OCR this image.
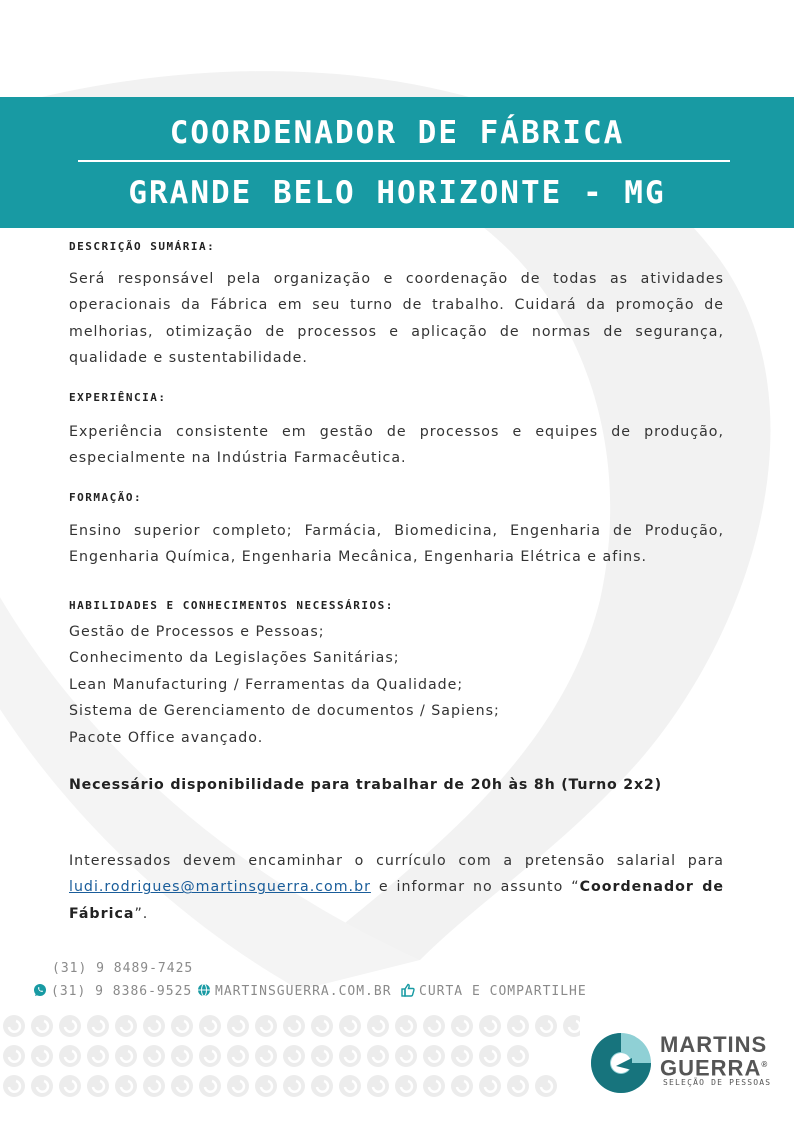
COORDENADOR DE FÁBRICA
GRANDE BELO HORIZONTE - MG
DESCRIÇÃO SUMÁRIA:
Será responsável pela organização e coordenação de todas as atividades operacionais da Fábrica em seu turno de trabalho. Cuidará da promoção de melhorias, otimização de processos e aplicação de normas de segurança, qualidade e sustentabilidade.
EXPERIÊNCIA:
Experiência consistente em gestão de processos e equipes de produção, especialmente na Indústria Farmacêutica.
FORMAÇÃO:
Ensino superior completo; Farmácia, Biomedicina, Engenharia de Produção, Engenharia Química, Engenharia Mecânica, Engenharia Elétrica e afins.
HABILIDADES E CONHECIMENTOS NECESSÁRIOS:
Gestão de Processos e Pessoas;
Conhecimento da Legislações Sanitárias;
Lean Manufacturing / Ferramentas da Qualidade;
Sistema de Gerenciamento de documentos / Sapiens;
Pacote Office avançado.
Necessário disponibilidade para trabalhar de 20h às 8h (Turno 2x2)
Interessados devem encaminhar o currículo com a pretensão salarial para ludi.rodrigues@martinsguerra.com.br e informar no assunto “Coordenador de Fábrica”.
(31) 9 8489-7425
(31) 9 8386-9525	MARTINSGUERRA.COM.BR	CURTA E COMPARTILHE
MARTINS
GUERRA®
SELEÇÃO DE PESSOAS
